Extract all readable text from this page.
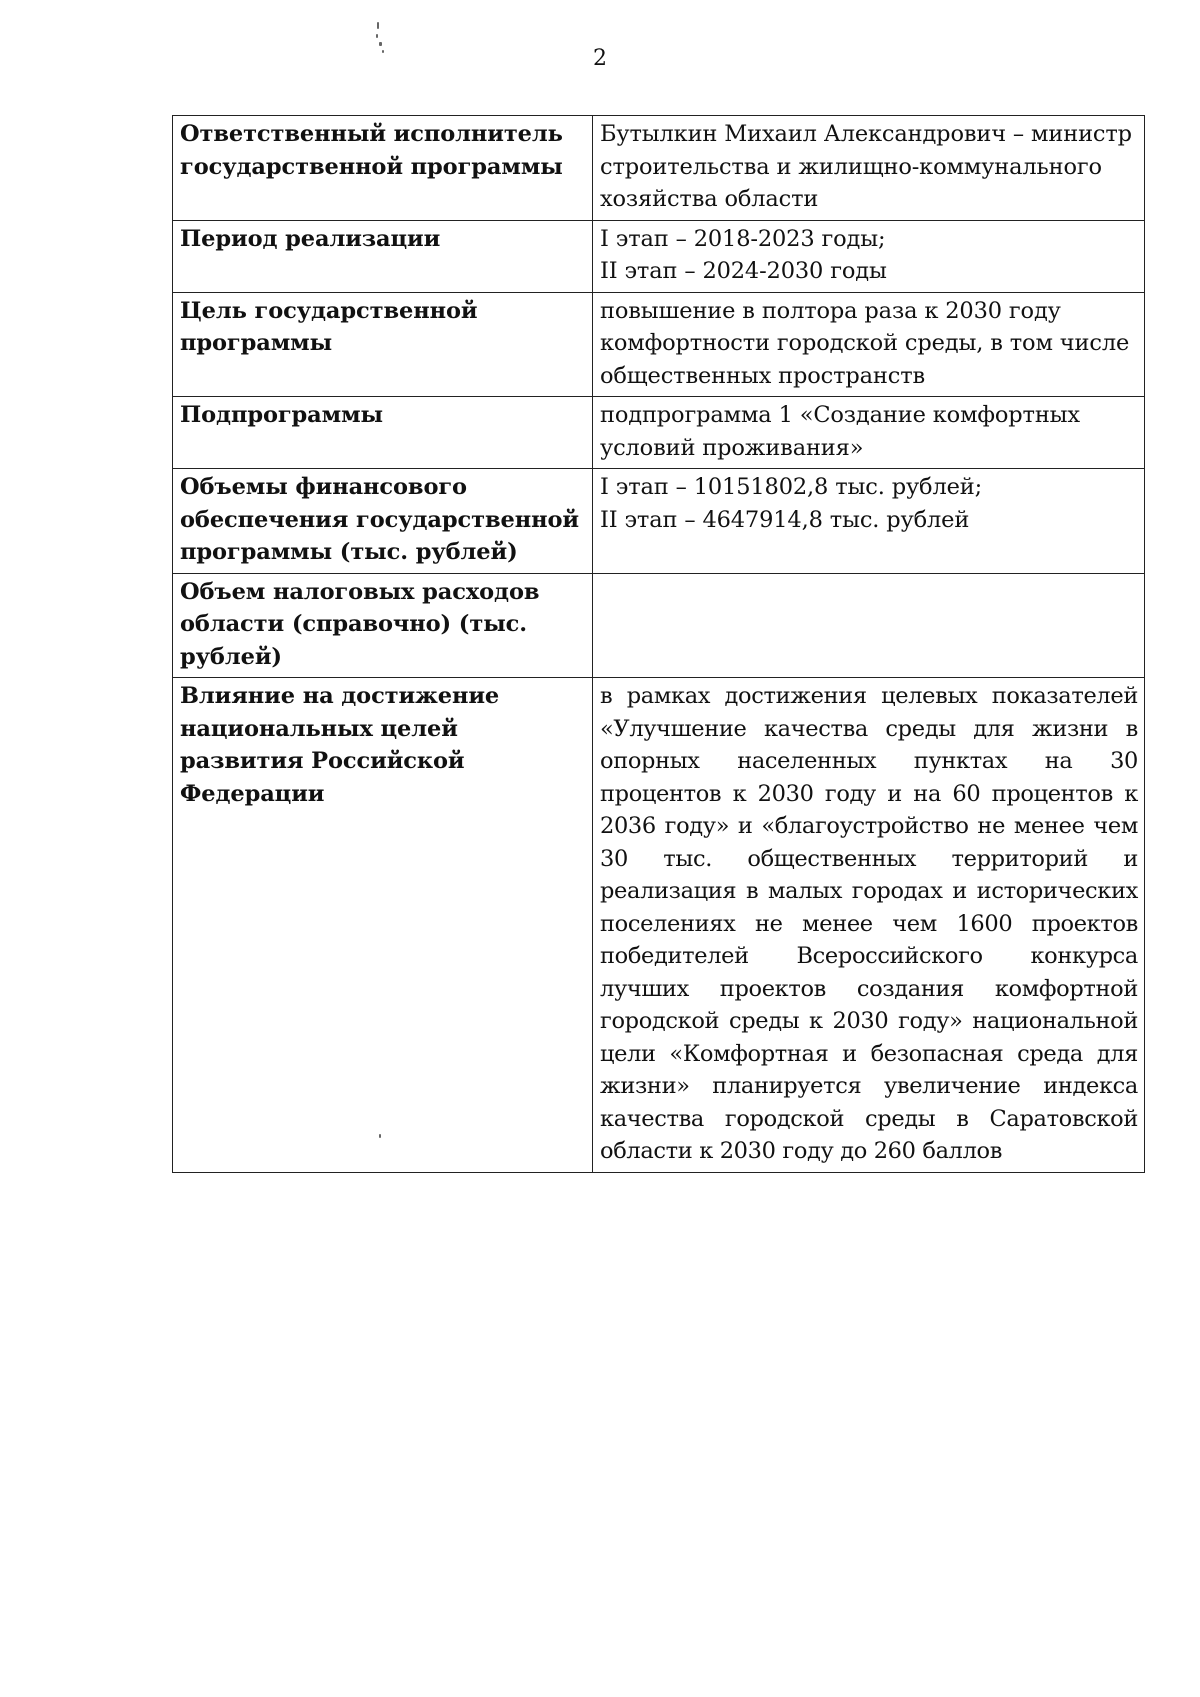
2
Ответственный исполнитель государственной программы	Бутылкин Михаил Александрович – министр строительства и жилищно-коммунального хозяйства области
Период реализации	I этап – 2018-2023 годы;
II этап – 2024-2030 годы
Цель государственной программы	повышение в полтора раза к 2030 году комфортности городской среды, в том числе общественных пространств
Подпрограммы	подпрограмма 1 «Создание комфортных условий проживания»
Объемы финансового обеспечения государственной программы (тыс. рублей)	I этап – 10151802,8 тыс. рублей;
II этап – 4647914,8 тыс. рублей
Объем налоговых расходов области (справочно) (тыс. рублей)	
Влияние на достижение национальных целей развития Российской Федерации	в рамках достижения целевых показателей «Улучшение качества среды для жизни в опорных населенных пунктах на 30 процентов к 2030 году и на 60 процентов к 2036 году» и «благоустройство не менее чем 30 тыс. общественных территорий и реализация в малых городах и исторических поселениях не менее чем 1600 проектов победителей Всероссийского конкурса лучших проектов создания комфортной городской среды к 2030 году» национальной цели «Комфортная и безопасная среда для жизни» планируется увеличение индекса качества городской среды в Саратовской области к 2030 году до 260 баллов
